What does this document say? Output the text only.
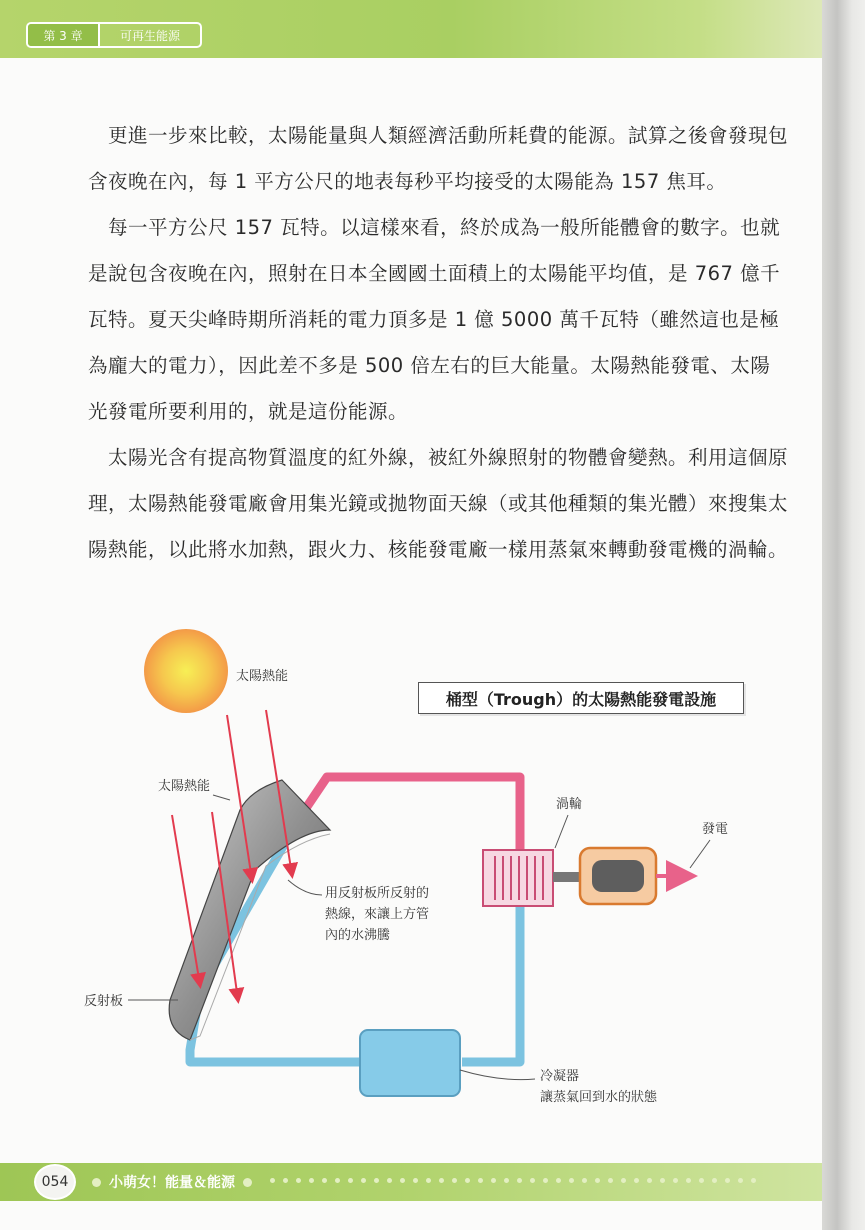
第 3 章	可再生能源

更進一步來比較，太陽能量與人類經濟活動所耗費的能源。試算之後會發現包含夜晚在內，每 1 平方公尺的地表每秒平均接受的太陽能為 157 焦耳。

每一平方公尺 157 瓦特。以這樣來看，終於成為一般所能體會的數字。也就是說包含夜晚在內，照射在日本全國國土面積上的太陽能平均值，是 767 億千瓦特。夏天尖峰時期所消耗的電力頂多是 1 億 5000 萬千瓦特（雖然這也是極為龐大的電力），因此差不多是 500 倍左右的巨大能量。太陽熱能發電、太陽光發電所要利用的，就是這份能源。

太陽光含有提高物質溫度的紅外線，被紅外線照射的物體會變熱。利用這個原理，太陽熱能發電廠會用集光鏡或拋物面天線（或其他種類的集光體）來搜集太陽熱能，以此將水加熱，跟火力、核能發電廠一樣用蒸氣來轉動發電機的渦輪。

桶型（Trough）的太陽熱能發電設施
太陽熱能
太陽熱能
用反射板所反射的
熱線，來讓上方管
內的水沸騰
反射板
渦輪
發電
冷凝器
讓蒸氣回到水的狀態
054	小萌女！能量＆能源
